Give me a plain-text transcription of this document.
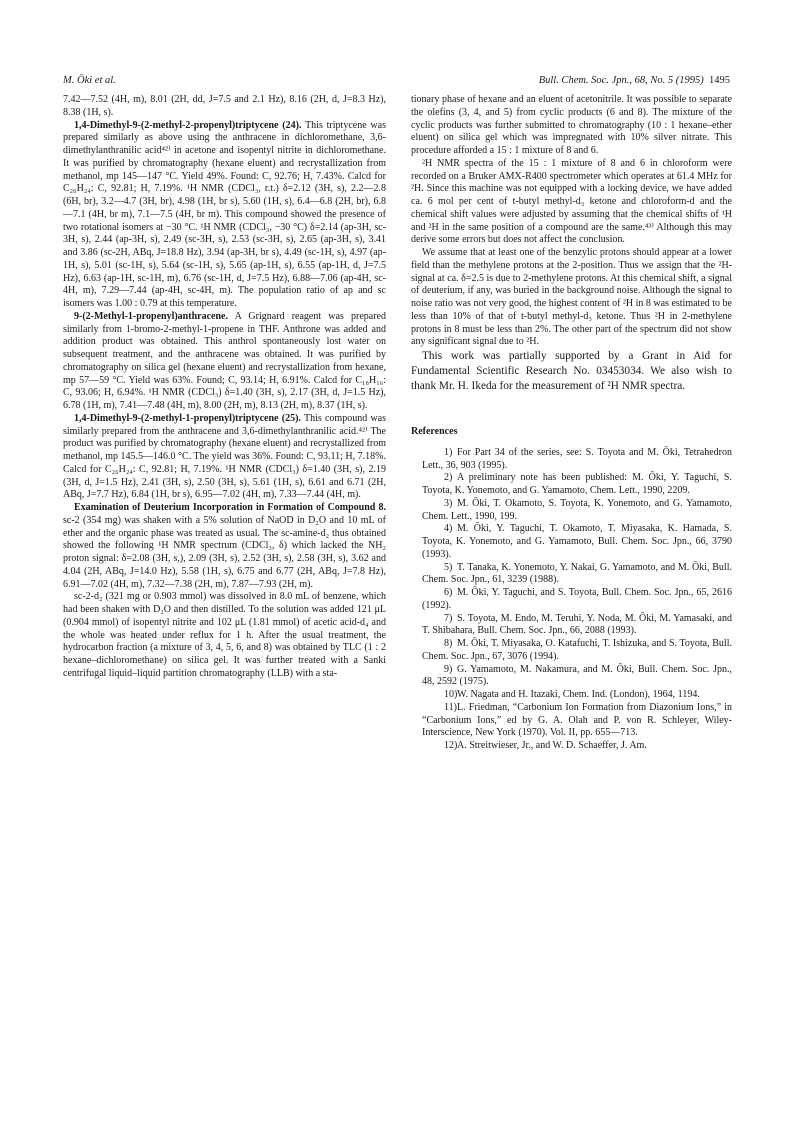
M. Ōki et al.	Bull. Chem. Soc. Jpn., 68, No. 5 (1995) 1495

7.42—7.52 (4H, m), 8.01 (2H, dd, J=7.5 and 2.1 Hz), 8.16 (2H, d, J=8.3 Hz), 8.38 (1H, s).

1,4-Dimethyl-9-(2-methyl-2-propenyl)triptycene (24). This triptycene was prepared similarly as above using the anthracene in dichloromethane, 3,6-dimethylanthranilic acid⁴²⁾ in acetone and isopentyl nitrite in dichloromethane. It was purified by chromatography (hexane eluent) and recrystallization from methanol, mp 145—147 °C. Yield 49%. Found: C, 92.76; H, 7.43%. Calcd for C₂₆H₂₄: C, 92.81; H, 7.19%. ¹H NMR (CDCl₃, r.t.) δ=2.12 (3H, s), 2.2—2.8 (6H, br), 3.2—4.7 (3H, br), 4.98 (1H, br s), 5.60 (1H, s), 6.4—6.8 (2H, br), 6.8—7.1 (4H, br m), 7.1—7.5 (4H, br m). This compound showed the presence of two rotational isomers at −30 °C. ¹H NMR (CDCl₃, −30 °C) δ=2.14 (ap-3H, sc-3H, s), 2.44 (ap-3H, s), 2.49 (sc-3H, s), 2.53 (sc-3H, s), 2.65 (ap-3H, s), 3.41 and 3.86 (sc-2H, ABq, J=18.8 Hz), 3.94 (ap-3H, br s), 4.49 (sc-1H, s), 4.97 (ap-1H, s), 5.01 (sc-1H, s), 5.64 (sc-1H, s), 5.65 (ap-1H, s), 6.55 (ap-1H, d, J=7.5 Hz), 6.63 (ap-1H, sc-1H, m), 6.76 (sc-1H, d, J=7.5 Hz), 6.88—7.06 (ap-4H, sc-4H, m), 7.29—7.44 (ap-4H, sc-4H, m). The population ratio of ap and sc isomers was 1.00 : 0.79 at this temperature.

9-(2-Methyl-1-propenyl)anthracene. A Grignard reagent was prepared similarly from 1-bromo-2-methyl-1-propene in THF. Anthrone was added and addition product was obtained. This anthrol spontaneously lost water on subsequent treatment, and the anthracene was obtained. It was purified by chromatography on silica gel (hexane eluent) and recrystallization from hexane, mp 57—59 °C. Yield was 63%. Found; C, 93.14; H, 6.91%. Calcd for C₁₈H₁₆: C, 93.06; H, 6.94%. ¹H NMR (CDCl₃) δ=1.40 (3H, s), 2.17 (3H, d, J=1.5 Hz), 6.78 (1H, m), 7.41—7.48 (4H, m), 8.00 (2H, m), 8.13 (2H, m), 8.37 (1H, s).

1,4-Dimethyl-9-(2-methyl-1-propenyl)triptycene (25). This compound was similarly prepared from the anthracene and 3,6-dimethylanthranilic acid.⁴²⁾ The product was purified by chromatography (hexane eluent) and recrystallized from methanol, mp 145.5—146.0 °C. The yield was 36%. Found: C, 93.11; H, 7.18%. Calcd for C₂₆H₂₄: C, 92.81; H, 7.19%. ¹H NMR (CDCl₃) δ=1.40 (3H, s), 2.19 (3H, d, J=1.5 Hz), 2.41 (3H, s), 2.50 (3H, s), 5.61 (1H, s), 6.61 and 6.71 (2H, ABq, J=7.7 Hz), 6.84 (1H, br s), 6.95—7.02 (4H, m), 7.33—7.44 (4H, m).

Examination of Deuterium Incorporation in Formation of Compound 8. sc-2 (354 mg) was shaken with a 5% solution of NaOD in D₂O and 10 mL of ether and the organic phase was treated as usual. The sc-amine-d₂ thus obtained showed the following ¹H NMR spectrum (CDCl₃, δ) which lacked the NH₂ proton signal: δ=2.08 (3H, s,), 2.09 (3H, s), 2.52 (3H, s), 2.58 (3H, s), 3.62 and 4.04 (2H, ABq, J=14.0 Hz), 5.58 (1H, s), 6.75 and 6.77 (2H, ABq, J=7.8 Hz), 6.91—7.02 (4H, m), 7.32—7.38 (2H, m), 7.87—7.93 (2H, m).

sc-2-d₂ (321 mg or 0.903 mmol) was dissolved in 8.0 mL of benzene, which had been shaken with D₂O and then distilled. To the solution was added 121 μL (0.904 mmol) of isopentyl nitrite and 102 μL (1.81 mmol) of acetic acid-d₄ and the whole was heated under reflux for 1 h. After the usual treatment, the hydrocarbon fraction (a mixture of 3, 4, 5, 6, and 8) was obtained by TLC (1 : 2 hexane–dichloromethane) on silica gel. It was further treated with a Sanki centrifugal liquid–liquid partition chromatography (LLB) with a sta-

tionary phase of hexane and an eluent of acetonitrile. It was possible to separate the olefins (3, 4, and 5) from cyclic products (6 and 8). The mixture of the cyclic products was further submitted to chromatography (10 : 1 hexane–ether eluent) on silica gel which was impregnated with 10% silver nitrate. This procedure afforded a 15 : 1 mixture of 8 and 6.

²H NMR spectra of the 15 : 1 mixture of 8 and 6 in chloroform were recorded on a Bruker AMX-R400 spectrometer which operates at 61.4 MHz for ²H. Since this machine was not equipped with a locking device, we have added ca. 6 mol per cent of t-butyl methyl-d₃ ketone and chloroform-d and the chemical shift values were adjusted by assuming that the chemical shifts of ¹H and ²H in the same position of a compound are the same.⁴³⁾ Although this may derive some errors but does not affect the conclusion.

We assume that at least one of the benzylic protons should appear at a lower field than the methylene protons at the 2-position. Thus we assign that the ²H-signal at ca. δ=2.5 is due to 2-methylene protons. At this chemical shift, a signal of deuterium, if any, was buried in the background noise. Although the signal to noise ratio was not very good, the highest content of ²H in 8 was estimated to be less than 10% of that of t-butyl methyl-d₃ ketone. Thus ²H in 2-methylene protons in 8 must be less than 2%. The other part of the spectrum did not show any significant signal due to ²H.

This work was partially supported by a Grant in Aid for Fundamental Scientific Research No. 03453034. We also wish to thank Mr. H. Ikeda for the measurement of ²H NMR spectra.

References

1) For Part 34 of the series, see: S. Toyota and M. Ōki, Tetrahedron Lett., 36, 903 (1995).

2) A preliminary note has been published: M. Ōki, Y. Taguchi, S. Toyota, K. Yonemoto, and G. Yamamoto, Chem. Lett., 1990, 2209.

3) M. Ōki, T. Okamoto, S. Toyota, K. Yonemoto, and G. Yamamoto, Chem. Lett., 1990, 199.

4) M. Ōki, Y. Taguchi, T. Okamoto, T. Miyasaka, K. Hamada, S. Toyota, K. Yonemoto, and G. Yamamoto, Bull. Chem. Soc. Jpn., 66, 3790 (1993).

5) T. Tanaka, K. Yonemoto, Y. Nakai, G. Yamamoto, and M. Ōki, Bull. Chem. Soc. Jpn., 61, 3239 (1988).

6) M. Ōki, Y. Taguchi, and S. Toyota, Bull. Chem. Soc. Jpn., 65, 2616 (1992).

7) S. Toyota, M. Endo, M. Teruhi, Y. Noda, M. Ōki, M. Yamasaki, and T. Shibahara, Bull. Chem. Soc. Jpn., 66, 2088 (1993).

8) M. Ōki, T. Miyasaka, O. Katafuchi, T. Ishizuka, and S. Toyota, Bull. Chem. Soc. Jpn., 67, 3076 (1994).

9) G. Yamamoto, M. Nakamura, and M. Ōki, Bull. Chem. Soc. Jpn., 48, 2592 (1975).

10)W. Nagata and H. Itazaki, Chem. Ind. (London), 1964, 1194.

11)L. Friedman, “Carbonium Ion Formation from Diazonium Ions,” in “Carbonium Ions,” ed by G. A. Olah and P. von R. Schleyer, Wiley-Interscience, New York (1970). Vol. II, pp. 655—713.

12)A. Streitwieser, Jr., and W. D. Schaeffer, J. Am.
